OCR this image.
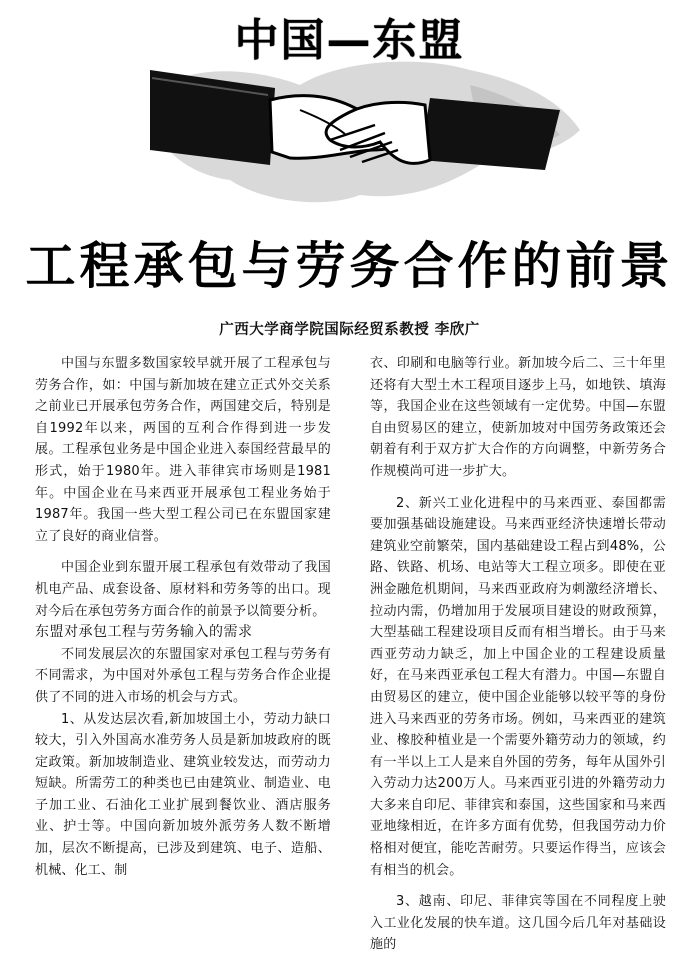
中国—东盟
工程承包与劳务合作的前景
广西大学商学院国际经贸系教授 李欣广

中国与东盟多数国家较早就开展了工程承包与劳务合作，如：中国与新加坡在建立正式外交关系之前业已开展承包劳务合作，两国建交后，特别是自1992年以来，两国的互利合作得到进一步发展。工程承包业务是中国企业进入泰国经营最早的形式，始于1980年。进入菲律宾市场则是1981年。中国企业在马来西亚开展承包工程业务始于1987年。我国一些大型工程公司已在东盟国家建立了良好的商业信誉。

中国企业到东盟开展工程承包有效带动了我国机电产品、成套设备、原材料和劳务等的出口。现对今后在承包劳务方面合作的前景予以简要分析。

东盟对承包工程与劳务输入的需求

不同发展层次的东盟国家对承包工程与劳务有不同需求，为中国对外承包工程与劳务合作企业提供了不同的进入市场的机会与方式。

1、从发达层次看,新加坡国土小，劳动力缺口较大，引入外国高水准劳务人员是新加坡政府的既定政策。新加坡制造业、建筑业较发达，而劳动力短缺。所需劳工的种类也已由建筑业、制造业、电子加工业、石油化工业扩展到餐饮业、酒店服务业、护士等。中国向新加坡外派劳务人数不断增加，层次不断提高，已涉及到建筑、电子、造船、机械、化工、制

衣、印刷和电脑等行业。新加坡今后二、三十年里还将有大型土木工程项目逐步上马，如地铁、填海等，我国企业在这些领域有一定优势。中国—东盟自由贸易区的建立，使新加坡对中国劳务政策还会朝着有利于双方扩大合作的方向调整，中新劳务合作规模尚可进一步扩大。

2、新兴工业化进程中的马来西亚、泰国都需要加强基础设施建设。马来西亚经济快速增长带动建筑业空前繁荣，国内基础建设工程占到48%，公路、铁路、机场、电站等大工程立项多。即使在亚洲金融危机期间，马来西亚政府为刺激经济增长、拉动内需，仍增加用于发展项目建设的财政预算，大型基础工程建设项目反而有相当增长。由于马来西亚劳动力缺乏，加上中国企业的工程建设质量好，在马来西亚承包工程大有潜力。中国—东盟自由贸易区的建立，使中国企业能够以较平等的身份进入马来西亚的劳务市场。例如，马来西亚的建筑业、橡胶种植业是一个需要外籍劳动力的领域，约有一半以上工人是来自外国的劳务，每年从国外引入劳动力达200万人。马来西亚引进的外籍劳动力大多来自印尼、菲律宾和泰国，这些国家和马来西亚地缘相近，在许多方面有优势，但我国劳动力价格相对便宜，能吃苦耐劳。只要运作得当，应该会有相当的机会。

3、越南、印尼、菲律宾等国在不同程度上驶入工业化发展的快车道。这几国今后几年对基础设施的
